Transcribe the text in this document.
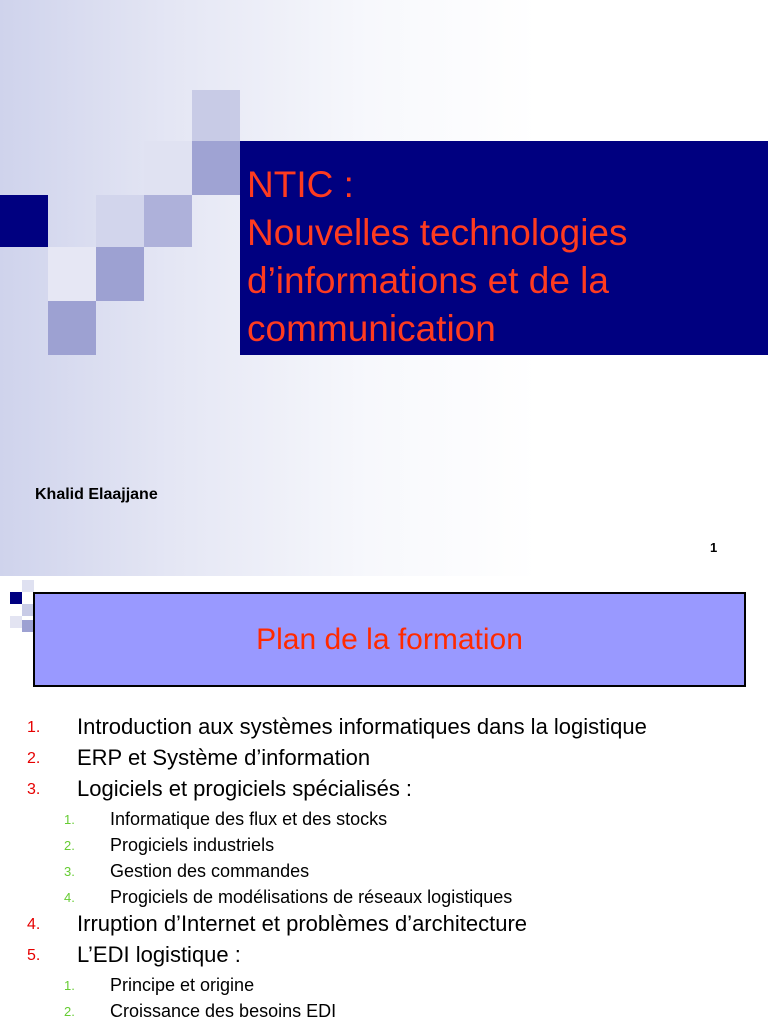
NTIC :
Nouvelles technologies
d’informations et de la
communication
Khalid Elaajjane
1
Plan de la formation
1. Introduction aux systèmes informatiques dans la logistique
2. ERP et Système d’information
3. Logiciels et progiciels spécialisés :
1. Informatique des flux et des stocks
2. Progiciels industriels
3. Gestion des commandes
4. Progiciels de modélisations de réseaux logistiques
4. Irruption d’Internet et problèmes d’architecture
5. L’EDI logistique :
1. Principe et origine
2. Croissance des besoins EDI
